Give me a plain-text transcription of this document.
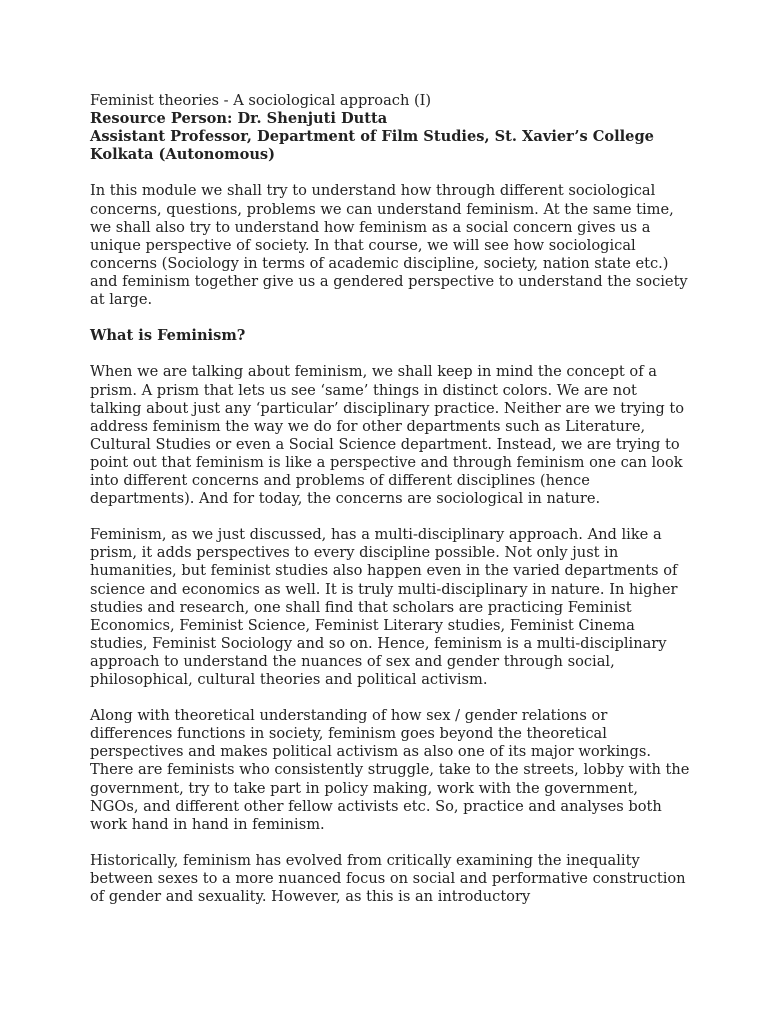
Feminist theories - A sociological approach (I)

Resource Person: Dr. Shenjuti Dutta

Assistant Professor, Department of Film Studies, St. Xavier’s College Kolkata (Autonomous)

In this module we shall try to understand how through different sociological concerns, questions, problems we can understand feminism. At the same time, we shall also try to understand how feminism as a social concern gives us a unique perspective of society. In that course, we will see how sociological concerns (Sociology in terms of academic discipline, society, nation state etc.) and feminism together give us a gendered perspective to understand the society at large.

What is Feminism?

When we are talking about feminism, we shall keep in mind the concept of a prism. A prism that lets us see ‘same’ things in distinct colors. We are not talking about just any ‘particular’ disciplinary practice. Neither are we trying to address feminism the way we do for other departments such as Literature, Cultural Studies or even a Social Science department. Instead, we are trying to point out that feminism is like a perspective and through feminism one can look into different concerns and problems of different disciplines (hence departments). And for today, the concerns are sociological in nature.

Feminism, as we just discussed, has a multi-disciplinary approach. And like a prism, it adds perspectives to every discipline possible. Not only just in humanities, but feminist studies also happen even in the varied departments of science and economics as well. It is truly multi-disciplinary in nature. In higher studies and research, one shall find that scholars are practicing Feminist Economics, Feminist Science, Feminist Literary studies, Feminist Cinema studies, Feminist Sociology and so on. Hence, feminism is a multi-disciplinary approach to understand the nuances of sex and gender through social, philosophical, cultural theories and political activism.

Along with theoretical understanding of how sex / gender relations or differences functions in society, feminism goes beyond the theoretical perspectives and makes political activism as also one of its major workings. There are feminists who consistently struggle, take to the streets, lobby with the government, try to take part in policy making, work with the government, NGOs, and different other fellow activists etc. So, practice and analyses both work hand in hand in feminism.

Historically, feminism has evolved from critically examining the inequality between sexes to a more nuanced focus on social and performative construction of gender and sexuality. However, as this is an introductory
